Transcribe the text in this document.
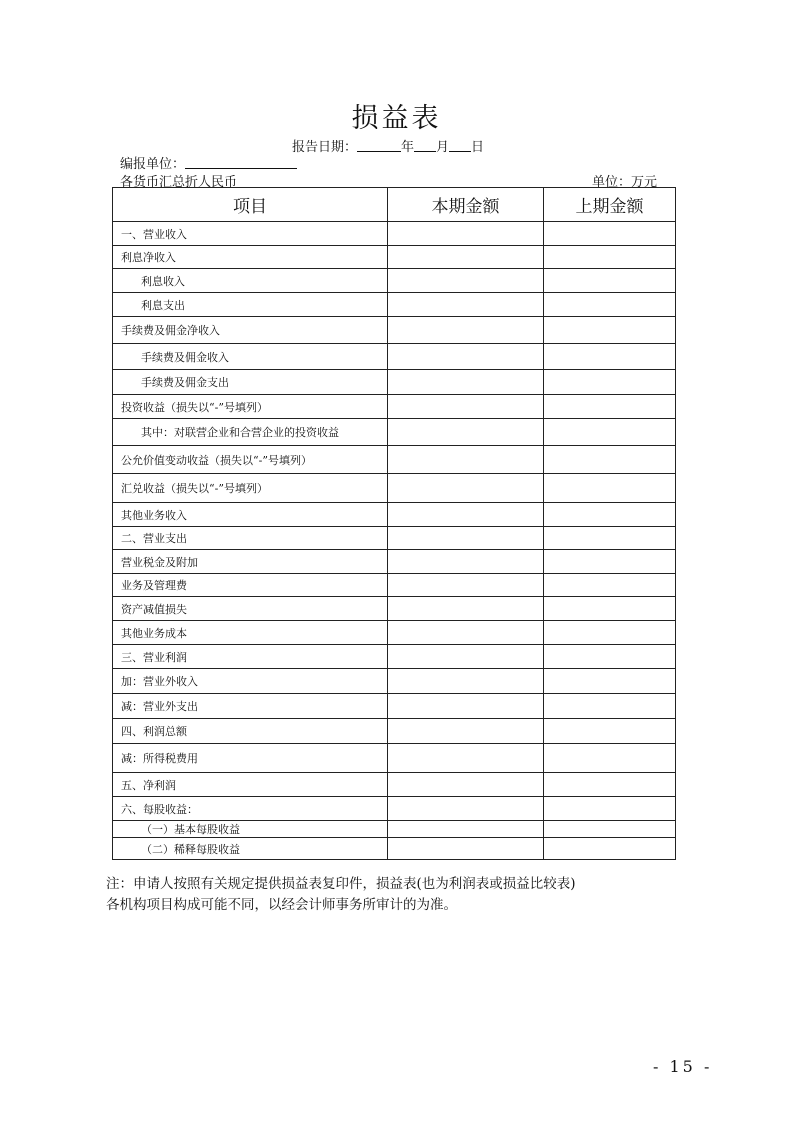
损益表
报告日期：	年 月 日
编报单位：
各货币汇总折人民币	单位：万元
项目	本期金额	上期金额
一、营业收入		
利息净收入		
利息收入		
利息支出		
手续费及佣金净收入		
手续费及佣金收入		
手续费及佣金支出		
投资收益（损失以“-”号填列）		
其中：对联营企业和合营企业的投资收益		
公允价值变动收益（损失以“-”号填列）		
汇兑收益（损失以“-”号填列）		
其他业务收入		
二、营业支出		
营业税金及附加		
业务及管理费		
资产减值损失		
其他业务成本		
三、营业利润		
加：营业外收入		
减：营业外支出		
四、利润总额		
减：所得税费用		
五、净利润		
六、每股收益：		
（一）基本每股收益		
（二）稀释每股收益		
注：申请人按照有关规定提供损益表复印件，损益表(也为利润表或损益比较表)
各机构项目构成可能不同，以经会计师事务所审计的为准。
- 15 -
